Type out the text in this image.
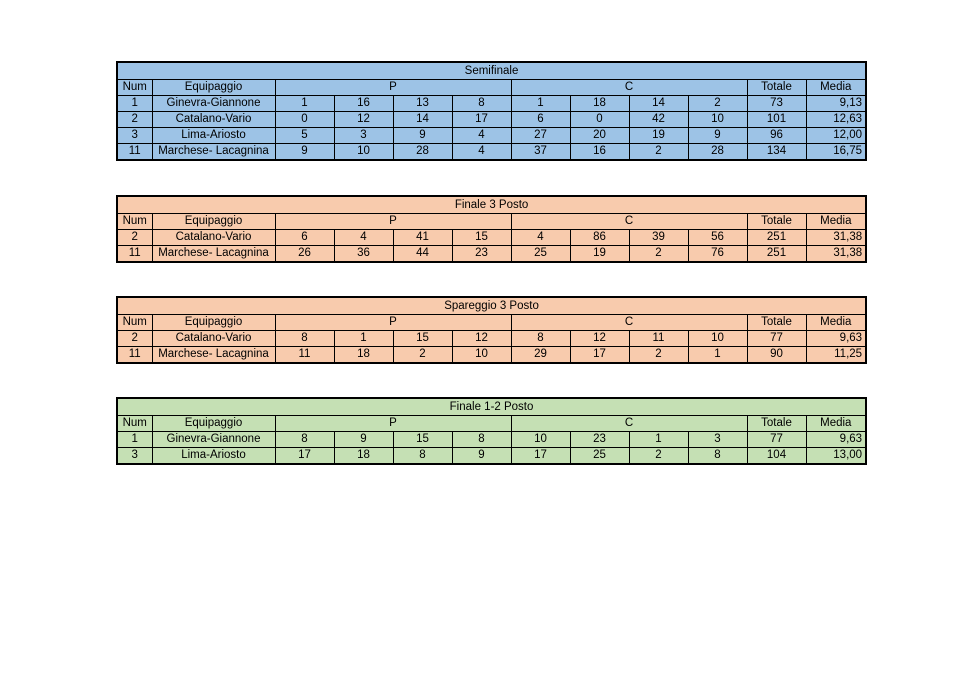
Semifinale											
Num	Equipaggio	P				C				Totale	Media
1	Ginevra-Giannone	1	16	13	8	1	18	14	2	73	9,13
2	Catalano-Vario	0	12	14	17	6	0	42	10	101	12,63
3	Lima-Ariosto	5	3	9	4	27	20	19	9	96	12,00
11	Marchese- Lacagnina	9	10	28	4	37	16	2	28	134	16,75
Finale 3 Posto											
Num	Equipaggio	P				C				Totale	Media
2	Catalano-Vario	6	4	41	15	4	86	39	56	251	31,38
11	Marchese- Lacagnina	26	36	44	23	25	19	2	76	251	31,38
Spareggio 3 Posto											
Num	Equipaggio	P				C				Totale	Media
2	Catalano-Vario	8	1	15	12	8	12	11	10	77	9,63
11	Marchese- Lacagnina	11	18	2	10	29	17	2	1	90	11,25
Finale 1-2 Posto											
Num	Equipaggio	P				C				Totale	Media
1	Ginevra-Giannone	8	9	15	8	10	23	1	3	77	9,63
3	Lima-Ariosto	17	18	8	9	17	25	2	8	104	13,00
